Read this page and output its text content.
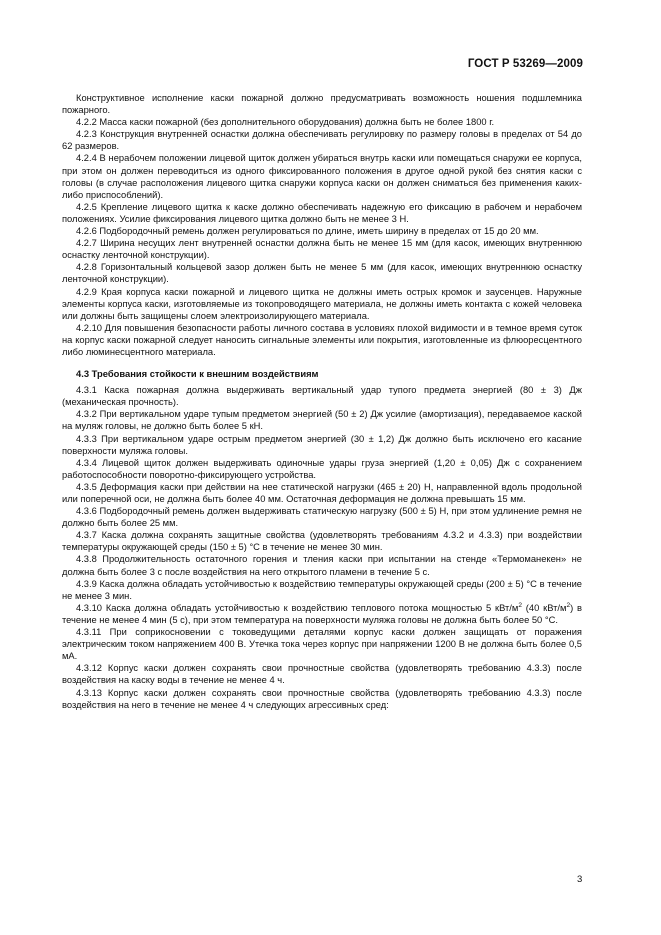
ГОСТ Р 53269—2009

Конструктивное исполнение каски пожарной должно предусматривать возможность ношения подшлемника пожарного.

4.2.2 Масса каски пожарной (без дополнительного оборудования) должна быть не более 1800 г.

4.2.3 Конструкция внутренней оснастки должна обеспечивать регулировку по размеру головы в пределах от 54 до 62 размеров.

4.2.4 В нерабочем положении лицевой щиток должен убираться внутрь каски или помещаться снаружи ее корпуса, при этом он должен переводиться из одного фиксированного положения в другое одной рукой без снятия каски с головы (в случае расположения лицевого щитка снаружи корпуса каски он должен сниматься без применения каких-либо приспособлений).

4.2.5 Крепление лицевого щитка к каске должно обеспечивать надежную его фиксацию в рабочем и нерабочем положениях. Усилие фиксирования лицевого щитка должно быть не менее 3 Н.

4.2.6 Подбородочный ремень должен регулироваться по длине, иметь ширину в пределах от 15 до 20 мм.

4.2.7 Ширина несущих лент внутренней оснастки должна быть не менее 15 мм (для касок, имеющих внутреннюю оснастку ленточной конструкции).

4.2.8 Горизонтальный кольцевой зазор должен быть не менее 5 мм (для касок, имеющих внутреннюю оснастку ленточной конструкции).

4.2.9 Края корпуса каски пожарной и лицевого щитка не должны иметь острых кромок и заусенцев. Наружные элементы корпуса каски, изготовляемые из токопроводящего материала, не должны иметь контакта с кожей человека или должны быть защищены слоем электроизолирующего материала.

4.2.10 Для повышения безопасности работы личного состава в условиях плохой видимости и в темное время суток на корпус каски пожарной следует наносить сигнальные элементы или покрытия, изготовленные из флюоресцентного либо люминесцентного материала.

4.3 Требования стойкости к внешним воздействиям

4.3.1 Каска пожарная должна выдерживать вертикальный удар тупого предмета энергией (80 ± 3) Дж (механическая прочность).

4.3.2 При вертикальном ударе тупым предметом энергией (50 ± 2) Дж усилие (амортизация), передаваемое каской на муляж головы, не должно быть более 5 кН.

4.3.3 При вертикальном ударе острым предметом энергией (30 ± 1,2) Дж должно быть исключено его касание поверхности муляжа головы.

4.3.4 Лицевой щиток должен выдерживать одиночные удары груза энергией (1,20 ± 0,05) Дж с сохранением работоспособности поворотно-фиксирующего устройства.

4.3.5 Деформация каски при действии на нее статической нагрузки (465 ± 20) Н, направленной вдоль продольной или поперечной оси, не должна быть более 40 мм. Остаточная деформация не должна превышать 15 мм.

4.3.6 Подбородочный ремень должен выдерживать статическую нагрузку (500 ± 5) Н, при этом удлинение ремня не должно быть более 25 мм.

4.3.7 Каска должна сохранять защитные свойства (удовлетворять требованиям 4.3.2 и 4.3.3) при воздействии температуры окружающей среды (150 ± 5) °С в течение не менее 30 мин.

4.3.8 Продолжительность остаточного горения и тления каски при испытании на стенде «Термоманекен» не должна быть более 3 с после воздействия на него открытого пламени в течение 5 с.

4.3.9 Каска должна обладать устойчивостью к воздействию температуры окружающей среды (200 ± 5) °С в течение не менее 3 мин.

4.3.10 Каска должна обладать устойчивостью к воздействию теплового потока мощностью 5 кВт/$м^2$ (40 кВт/$м^2$) в течение не менее 4 мин (5 с), при этом температура на поверхности муляжа головы не должна быть более 50 °С.

4.3.11 При соприкосновении с токоведущими деталями корпус каски должен защищать от поражения электрическим током напряжением 400 В. Утечка тока через корпус при напряжении 1200 В не должна быть более 0,5 мА.

4.3.12 Корпус каски должен сохранять свои прочностные свойства (удовлетворять требованию 4.3.3) после воздействия на каску воды в течение не менее 4 ч.

4.3.13 Корпус каски должен сохранять свои прочностные свойства (удовлетворять требованию 4.3.3) после воздействия на него в течение не менее 4 ч следующих агрессивных сред:

3
